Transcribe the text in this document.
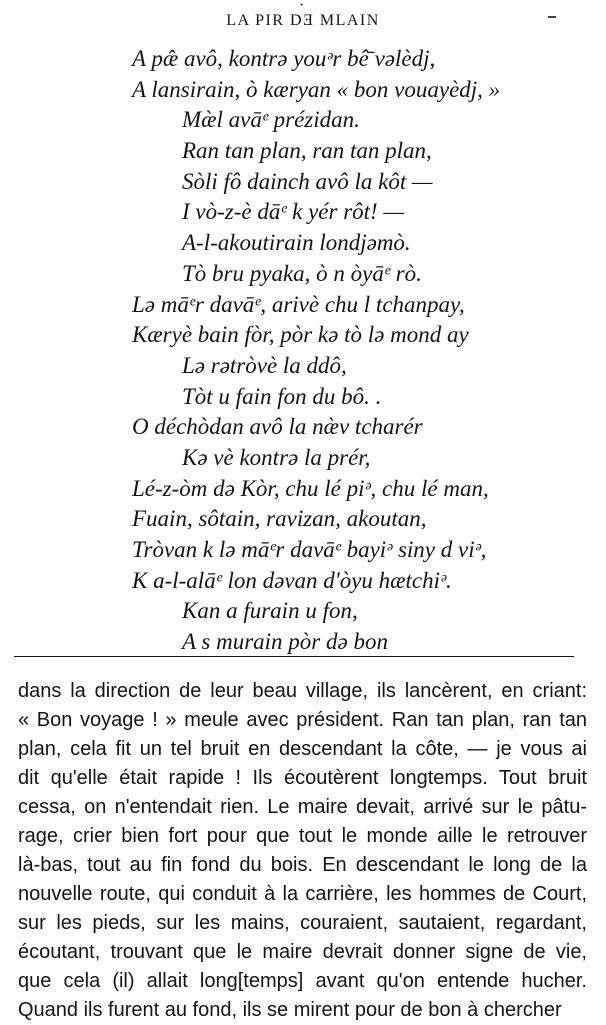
·
LA PIR DƎ MLAIN
A pæ̂ avô, kontrə youᵊr bê̄ vəlèdj,
A lansirain, ò kæryan « bon vouayèdj, »
Mæ̀l avāᵉ prézidan.
Ran tan plan, ran tan plan,
Sòli fô dainch avô la kôt —
I vò-z-è dāᵉ k yér rôt! —
A-l-akoutirain londjəmò.
Tò bru pyaka, ò n òyāᵉ rò.
Lə māᵉr davāᵉ, arivè chu l tchanpay,
Kæryè bain fòr, pòr kə tò lə mond ay
Lə rətròvè la ddô,
Tòt u fain fon du bô. .
O déchòdan avô la næ̀v tcharér
Kə vè kontrə la prér,
Lé-z-òm də Kòr, chu lé piᵊ, chu lé man,
Fuain, sôtain, ravizan, akoutan,
Tròvan k lə māᵉr davāᵉ bayiᵊ siny d viᵊ,
K a-l-alāᵉ lon dəvan d'òyu hætchiᵊ.
Kan a furain u fon,
A s murain pòr də bon
dans la direction de leur beau village, ils lancèrent, en criant:
« Bon voyage ! » meule avec président. Ran tan plan, ran tan
plan, cela fit un tel bruit en descendant la côte, — je vous ai
dit qu'elle était rapide ! Ils écoutèrent longtemps. Tout bruit
cessa, on n'entendait rien. Le maire devait, arrivé sur le pâtu-
rage, crier bien fort pour que tout le monde aille le retrouver
là-bas, tout au fin fond du bois. En descendant le long de la
nouvelle route, qui conduit à la carrière, les hommes de Court,
sur les pieds, sur les mains, couraient, sautaient, regardant,
écoutant, trouvant que le maire devrait donner signe de vie,
que cela (il) allait long[temps] avant qu'on entende hucher.
Quand ils furent au fond, ils se mirent pour de bon à chercher
